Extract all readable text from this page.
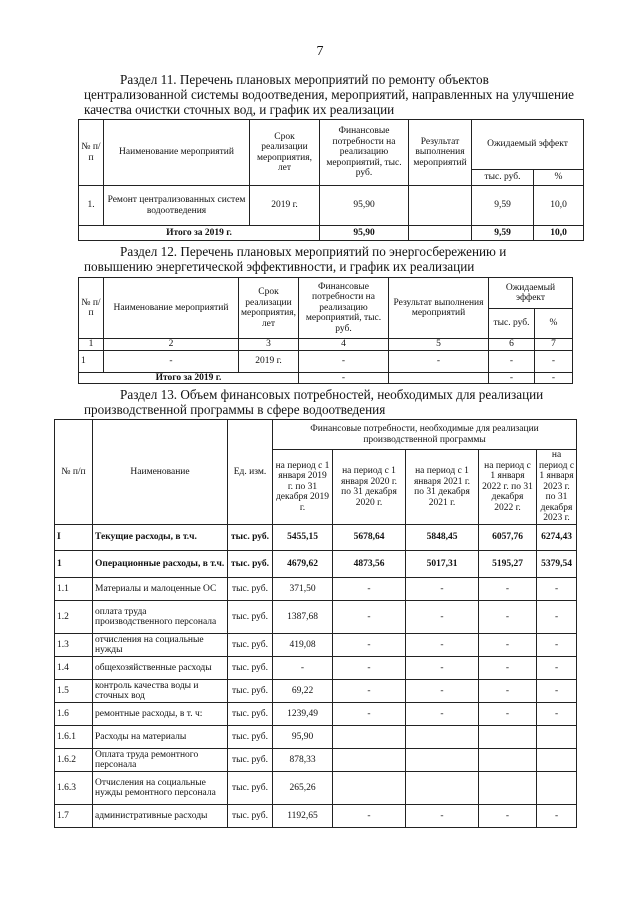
7
Раздел 11. Перечень плановых мероприятий по ремонту объектов
централизованной системы водоотведения, мероприятий, направленных на улучшение качества очистки сточных вод, и график их реализации
№ п/п	Наименование мероприятий	Срок реализации мероприятия, лет	Финансовые потребности на реализацию мероприятий, тыс. руб.	Результат выполнения мероприятий	Ожидаемый эффект	
					тыс. руб.	%
1.	Ремонт централизованных систем водоотведения	2019 г.	95,90		9,59	10,0
Итого за 2019 г.			95,90		9,59	10,0
Раздел 12. Перечень плановых мероприятий по энергосбережению и
повышению энергетической эффективности, и график их реализации
№ п/п	Наименование мероприятий	Срок реализации мероприятия, лет	Финансовые потребности на реализацию мероприятий, тыс. руб.	Результат выполнения мероприятий	Ожидаемый эффект	
					тыс. руб.	%
1	2	3	4	5	6	7
1	-	2019 г.	-	-	-	-
Итого за 2019 г.			-		-	-
Раздел 13. Объем финансовых потребностей, необходимых для реализации
производственной программы в сфере водоотведения
№ п/п	Наименование	Ед. изм.	Финансовые потребности, необходимые для реализации производственной программы				
			на период с 1 января 2019 г. по 31 декабря 2019 г.	на период с 1 января 2020 г. по 31 декабря 2020 г.	на период с 1 января 2021 г. по 31 декабря 2021 г.	на период с 1 января 2022 г. по 31 декабря 2022 г.	на период с 1 января 2023 г. по 31 декабря 2023 г.
I	Текущие расходы, в т.ч.	тыс. руб.	5455,15	5678,64	5848,45	6057,76	6274,43
1	Операционные расходы, в т.ч.	тыс. руб.	4679,62	4873,56	5017,31	5195,27	5379,54
1.1	Материалы и малоценные ОС	тыс. руб.	371,50	-	-	-	-
1.2	оплата труда производственного персонала	тыс. руб.	1387,68	-	-	-	-
1.3	отчисления на социальные нужды	тыс. руб.	419,08	-	-	-	-
1.4	общехозяйственные расходы	тыс. руб.	-	-	-	-	-
1.5	контроль качества воды и сточных вод	тыс. руб.	69,22	-	-	-	-
1.6	ремонтные расходы, в т. ч:	тыс. руб.	1239,49	-	-	-	-
1.6.1	Расходы на материалы	тыс. руб.	95,90				
1.6.2	Оплата труда ремонтного персонала	тыс. руб.	878,33				
1.6.3	Отчисления на социальные нужды ремонтного персонала	тыс. руб.	265,26				
1.7	административные расходы	тыс. руб.	1192,65	-	-	-	-
